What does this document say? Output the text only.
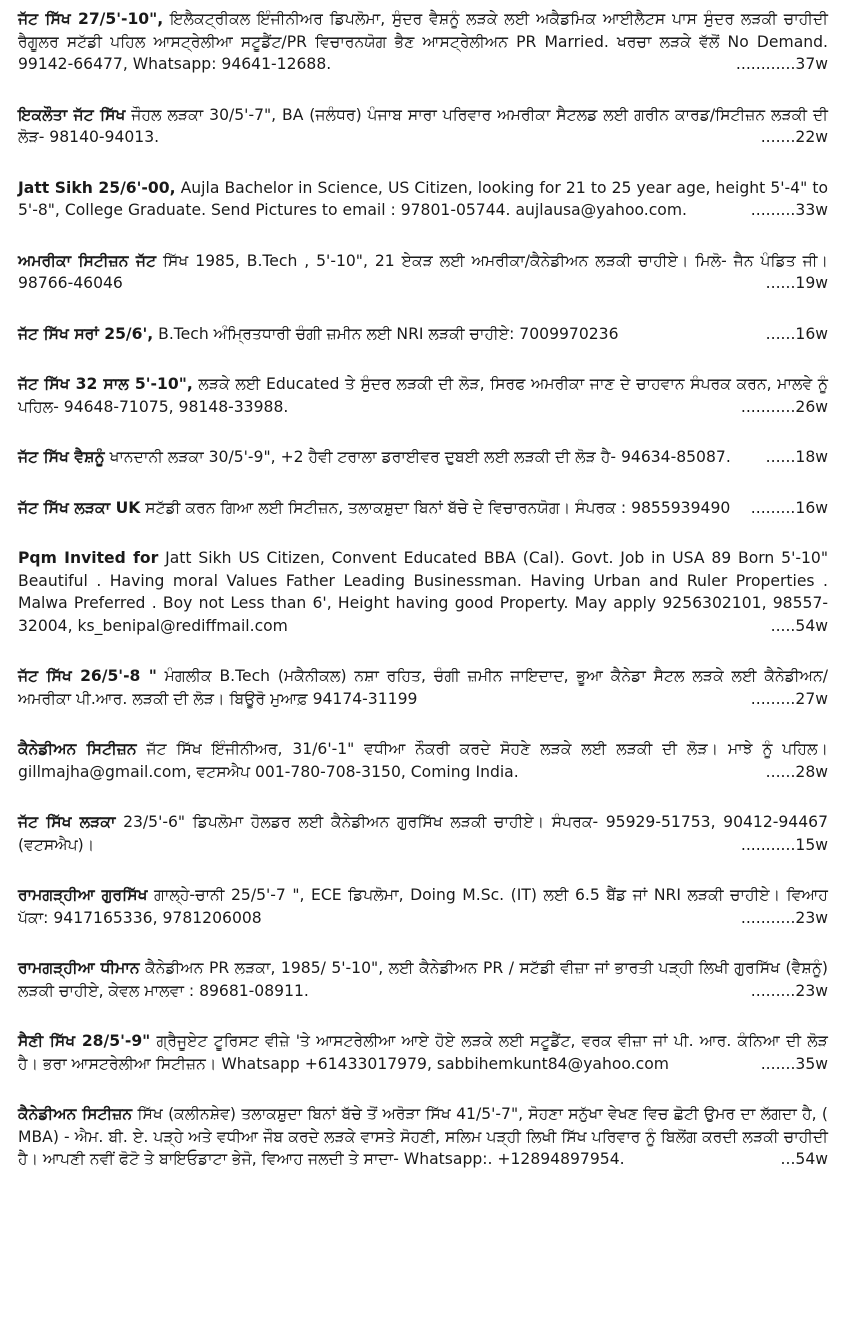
ਜੱਟ ਸਿੱਖ 27/5'-10", ਇਲੈਕਟ੍ਰੀਕਲ ਇੰਜੀਨੀਅਰ ਡਿਪਲੋਮਾ, ਸੁੰਦਰ ਵੈਸ਼ਨੂੰ ਲੜਕੇ ਲਈ ਅਕੈਡਮਿਕ ਆਈਲੈਟਸ ਪਾਸ ਸੁੰਦਰ ਲੜਕੀ ਚਾਹੀਦੀ ਰੈਗੂਲਰ ਸਟੱਡੀ ਪਹਿਲ ਆਸਟ੍ਰੇਲੀਆ ਸਟੂਡੈਂਟ/PR ਵਿਚਾਰਨਯੋਗ ਭੈਣ ਆਸਟ੍ਰੇਲੀਅਨ PR Married. ਖਰਚਾ ਲੜਕੇ ਵੱਲੋਂ No Demand. 99142-66477, Whatsapp: 94641-12688.	............37w

ਇਕਲੌਤਾ ਜੱਟ ਸਿੱਖ ਜੌਹਲ ਲੜਕਾ 30/5'-7", BA (ਜਲੰਧਰ) ਪੰਜਾਬ ਸਾਰਾ ਪਰਿਵਾਰ ਅਮਰੀਕਾ ਸੈਟਲਡ ਲਈ ਗਰੀਨ ਕਾਰਡ/ਸਿਟੀਜ਼ਨ ਲੜਕੀ ਦੀ ਲੋੜ- 98140-94013.	.......22w

Jatt Sikh 25/6'-00, Aujla Bachelor in Science, US Citizen, looking for 21 to 25 year age, height 5'-4" to 5'-8", College Graduate. Send Pictures to email : 97801-05744. aujlausa@yahoo.com.	.........33w

ਅਮਰੀਕਾ ਸਿਟੀਜ਼ਨ ਜੱਟ ਸਿੱਖ 1985, B.Tech , 5'-10", 21 ਏਕੜ ਲਈ ਅਮਰੀਕਾ/ਕੈਨੇਡੀਅਨ ਲੜਕੀ ਚਾਹੀਏ। ਮਿਲੋ- ਜੈਨ ਪੰਡਿਤ ਜੀ। 98766-46046	......19w

ਜੱਟ ਸਿੱਖ ਸਰਾਂ 25/6', B.Tech ਅੰਮ੍ਰਿਤਧਾਰੀ ਚੰਗੀ ਜ਼ਮੀਨ ਲਈ NRI ਲੜਕੀ ਚਾਹੀਏ: 7009970236	......16w

ਜੱਟ ਸਿੱਖ 32 ਸਾਲ 5'-10", ਲੜਕੇ ਲਈ Educated ਤੇ ਸੁੰਦਰ ਲੜਕੀ ਦੀ ਲੋੜ, ਸਿਰਫ ਅਮਰੀਕਾ ਜਾਣ ਦੇ ਚਾਹਵਾਨ ਸੰਪਰਕ ਕਰਨ, ਮਾਲਵੇ ਨੂੰ ਪਹਿਲ- 94648-71075, 98148-33988.	...........26w

ਜੱਟ ਸਿੱਖ ਵੈਸ਼ਨੂੰ ਖਾਨਦਾਨੀ ਲੜਕਾ 30/5'-9", +2 ਹੈਵੀ ਟਰਾਲਾ ਡਰਾਈਵਰ ਦੁਬਈ ਲਈ ਲੜਕੀ ਦੀ ਲੋੜ ਹੈ- 94634-85087. ......18w

ਜੱਟ ਸਿੱਖ ਲੜਕਾ UK ਸਟੱਡੀ ਕਰਨ ਗਿਆ ਲਈ ਸਿਟੀਜ਼ਨ, ਤਲਾਕਸ਼ੁਦਾ ਬਿਨਾਂ ਬੱਚੇ ਦੇ ਵਿਚਾਰਨਯੋਗ। ਸੰਪਰਕ : 9855939490 .........16w

Pqm Invited for Jatt Sikh US Citizen, Convent Educated BBA (Cal). Govt. Job in USA 89 Born 5'-10" Beautiful . Having moral Values Father Leading Businessman. Having Urban and Ruler Properties . Malwa Preferred . Boy not Less than 6', Height having good Property. May apply 9256302101, 98557-32004, ks_benipal@rediffmail.com	.....54w

ਜੱਟ ਸਿੱਖ 26/5'-8 " ਮੰਗਲੀਕ B.Tech (ਮਕੈਨੀਕਲ) ਨਸ਼ਾ ਰਹਿਤ, ਚੰਗੀ ਜ਼ਮੀਨ ਜਾਇਦਾਦ, ਭੂਆ ਕੈਨੇਡਾ ਸੈਟਲ ਲੜਕੇ ਲਈ ਕੈਨੇਡੀਅਨ/ਅਮਰੀਕਾ ਪੀ.ਆਰ. ਲੜਕੀ ਦੀ ਲੋੜ। ਬਿਊਰੋ ਮੁਆਫ਼ 94174-31199	.........27w

ਕੈਨੇਡੀਅਨ ਸਿਟੀਜ਼ਨ ਜੱਟ ਸਿੱਖ ਇੰਜੀਨੀਅਰ, 31/6'-1" ਵਧੀਆ ਨੌਕਰੀ ਕਰਦੇ ਸੋਹਣੇ ਲੜਕੇ ਲਈ ਲੜਕੀ ਦੀ ਲੋੜ। ਮਾਝੇ ਨੂੰ ਪਹਿਲ। gillmajha@gmail.com, ਵਟਸਐਪ 001-780-708-3150, Coming India.	......28w

ਜੱਟ ਸਿੱਖ ਲੜਕਾ 23/5'-6" ਡਿਪਲੋਮਾ ਹੋਲਡਰ ਲਈ ਕੈਨੇਡੀਅਨ ਗੁਰਸਿੱਖ ਲੜਕੀ ਚਾਹੀਏ। ਸੰਪਰਕ- 95929-51753, 90412-94467 (ਵਟਸਐਪ)।	...........15w

ਰਾਮਗੜ੍ਹੀਆ ਗੁਰਸਿੱਖ ਗਾਲ੍ਹੇ-ਚਾਨੀ 25/5'-7 ", ECE ਡਿਪਲੋਮਾ, Doing M.Sc. (IT) ਲਈ 6.5 ਬੈਂਡ ਜਾਂ NRI ਲੜਕੀ ਚਾਹੀਏ। ਵਿਆਹ ਪੱਕਾ: 9417165336, 9781206008	...........23w

ਰਾਮਗੜ੍ਹੀਆ ਧੀਮਾਨ ਕੈਨੇਡੀਅਨ PR ਲੜਕਾ, 1985/ 5'-10", ਲਈ ਕੈਨੇਡੀਅਨ PR / ਸਟੱਡੀ ਵੀਜ਼ਾ ਜਾਂ ਭਾਰਤੀ ਪੜ੍ਹੀ ਲਿਖੀ ਗੁਰਸਿੱਖ (ਵੈਸ਼ਨੂੰ) ਲੜਕੀ ਚਾਹੀਏ, ਕੇਵਲ ਮਾਲਵਾ : 89681-08911.	.........23w

ਸੈਣੀ ਸਿੱਖ 28/5'-9" ਗ੍ਰੈਜੂਏਟ ਟੂਰਿਸਟ ਵੀਜ਼ੇ 'ਤੇ ਆਸਟਰੇਲੀਆ ਆਏ ਹੋਏ ਲੜਕੇ ਲਈ ਸਟੂਡੈਂਟ, ਵਰਕ ਵੀਜ਼ਾ ਜਾਂ ਪੀ. ਆਰ. ਕੰਨਿਆ ਦੀ ਲੋੜ ਹੈ। ਭਰਾ ਆਸਟਰੇਲੀਆ ਸਿਟੀਜ਼ਨ। Whatsapp +61433017979, sabbihemkunt84@yahoo.com	.......35w

ਕੈਨੇਡੀਅਨ ਸਿਟੀਜ਼ਨ ਸਿੱਖ (ਕਲੀਨਸ਼ੇਵ) ਤਲਾਕਸ਼ੁਦਾ ਬਿਨਾਂ ਬੱਚੇ ਤੋਂ ਅਰੋੜਾ ਸਿੱਖ 41/5'-7", ਸੋਹਣਾ ਸਨੁੱਖਾ ਵੇਖਣ ਵਿਚ ਛੋਟੀ ਉਮਰ ਦਾ ਲੱਗਦਾ ਹੈ, ( MBA) - ਐਮ. ਬੀ. ਏ. ਪੜ੍ਹੇ ਅਤੇ ਵਧੀਆ ਜੌਬ ਕਰਦੇ ਲੜਕੇ ਵਾਸਤੇ ਸੋਹਣੀ, ਸਲਿਮ ਪੜ੍ਹੀ ਲਿਖੀ ਸਿੱਖ ਪਰਿਵਾਰ ਨੂੰ ਬਿਲੋਂਗ ਕਰਦੀ ਲੜਕੀ ਚਾਹੀਦੀ ਹੈ। ਆਪਣੀ ਨਵੀਂ ਫੋਟੋ ਤੇ ਬਾਇਓਡਾਟਾ ਭੇਜੋ, ਵਿਆਹ ਜਲਦੀ ਤੇ ਸਾਦਾ- Whatsapp:. +12894897954.	...54w
